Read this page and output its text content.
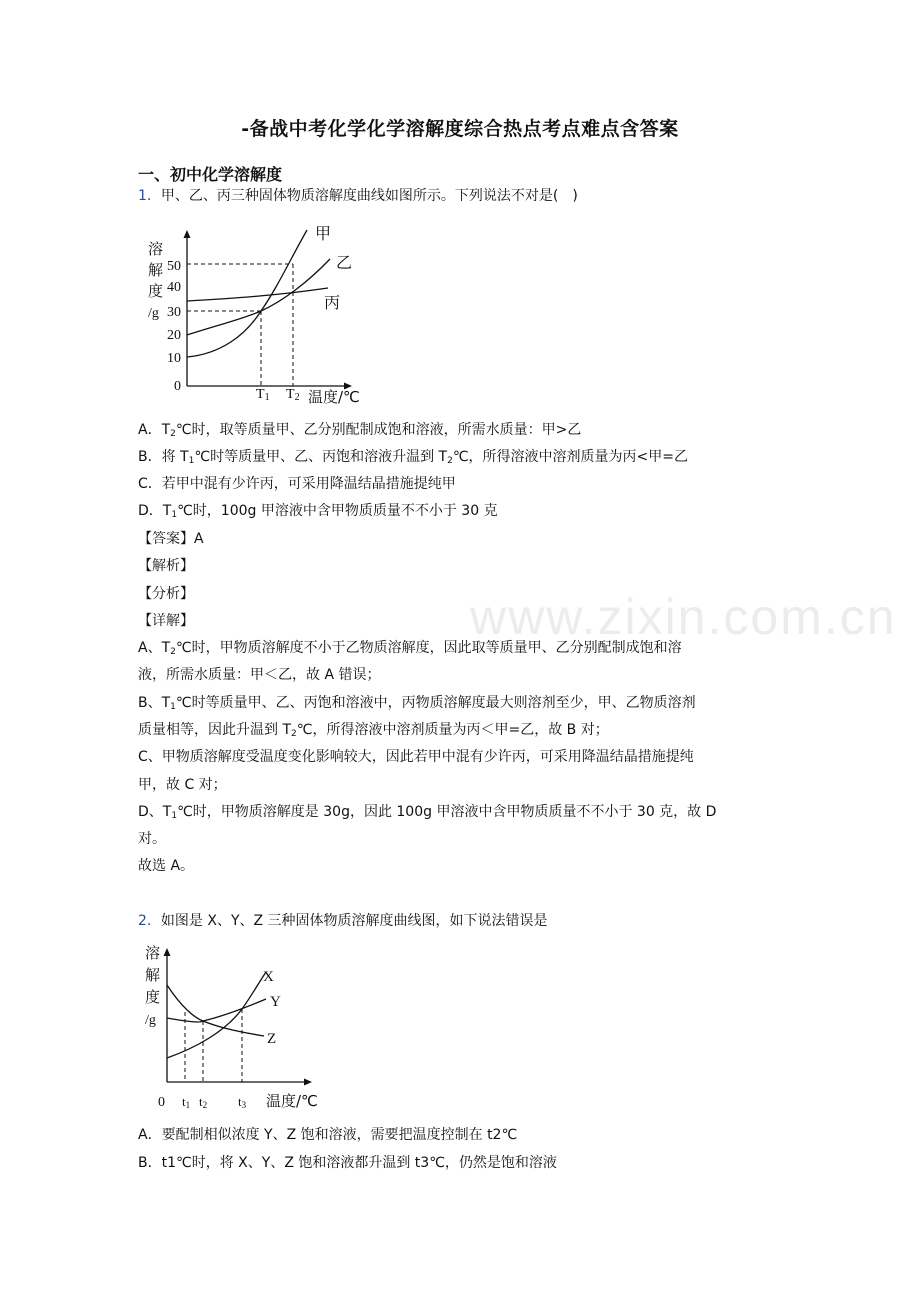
www.zixin.com.cn
-备战中考化学化学溶解度综合热点考点难点含答案
一、初中化学溶解度
1．甲、乙、丙三种固体物质溶解度曲线如图所示。下列说法不对是(　)
溶
解
度
/g
50
40
30
20
10
0
甲
乙
丙
T1 T2 温度/℃
A．$T_2℃$时，取等质量甲、乙分别配制成饱和溶液，所需水质量：甲>乙
B．将 $T_1℃$时等质量甲、乙、丙饱和溶液升温到 $T_2℃$，所得溶液中溶剂质量为丙<甲=乙
C．若甲中混有少许丙，可采用降温结晶措施提纯甲
D．$T_1℃$时，100g 甲溶液中含甲物质质量不不小于 30 克
【答案】A
【解析】
【分析】
【详解】
A、$T_2℃$时，甲物质溶解度不小于乙物质溶解度，因此取等质量甲、乙分别配制成饱和溶
液，所需水质量：甲＜乙，故 A 错误；
B、$T_1℃$时等质量甲、乙、丙饱和溶液中，丙物质溶解度最大则溶剂至少，甲、乙物质溶剂
质量相等，因此升温到 $T_2℃$，所得溶液中溶剂质量为丙＜甲=乙，故 B 对；
C、甲物质溶解度受温度变化影响较大，因此若甲中混有少许丙，可采用降温结晶措施提纯
甲，故 C 对；
D、$T_1℃$时，甲物质溶解度是 30g，因此 100g 甲溶液中含甲物质质量不不小于 30 克，故 D
对。
故选 A。
2．如图是 X、Y、Z 三种固体物质溶解度曲线图，如下说法错误是
溶
解
度
/g
X
Y
Z
0 t1 t2 t3 温度/℃
A．要配制相似浓度 Y、Z 饱和溶液，需要把温度控制在 t2℃
B．t1℃时，将 X、Y、Z 饱和溶液都升温到 t3℃，仍然是饱和溶液
